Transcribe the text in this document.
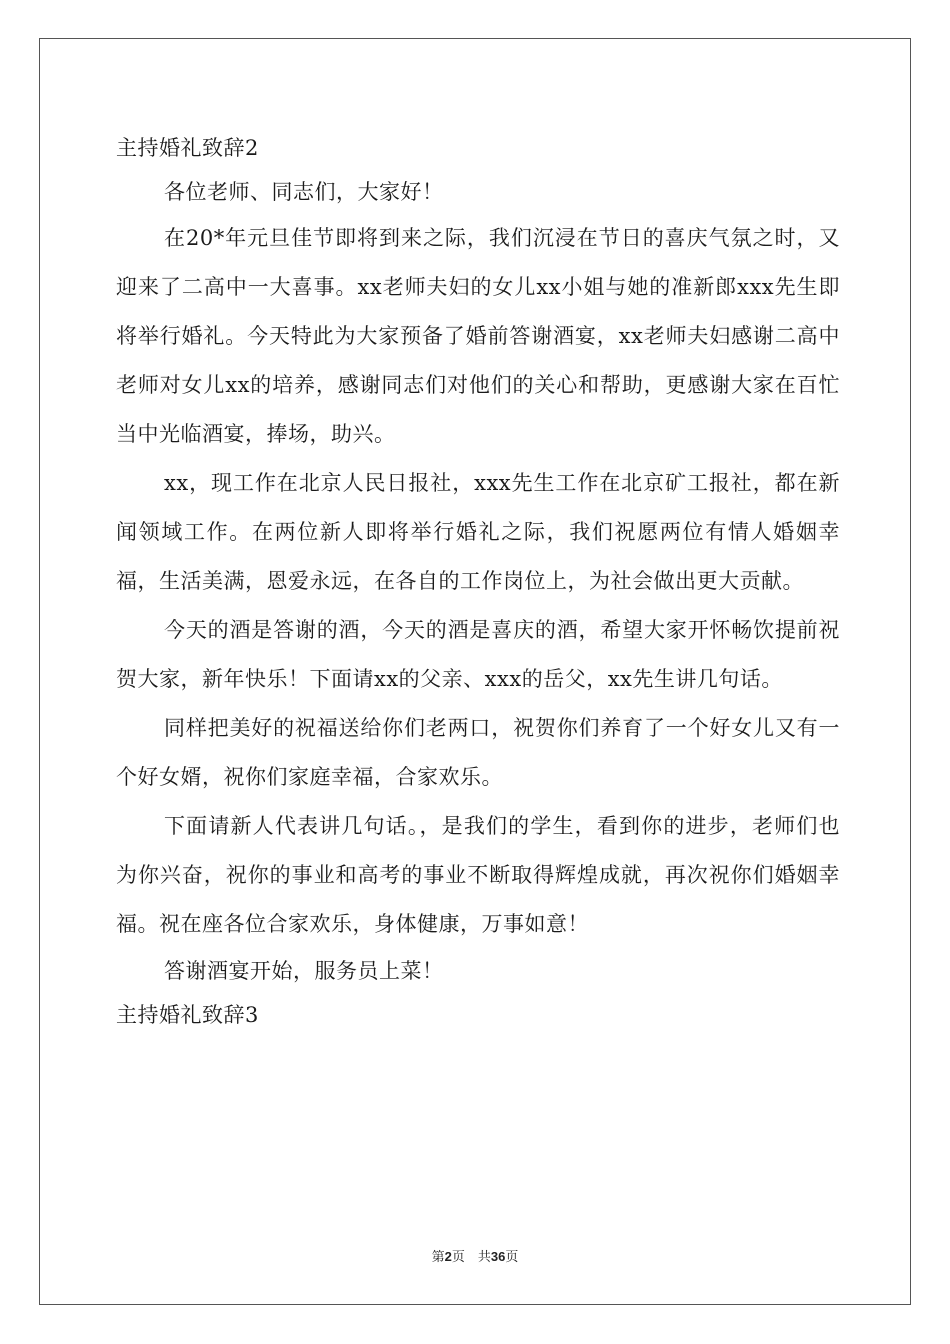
主持婚礼致辞2

各位老师、同志们，大家好！

在20*年元旦佳节即将到来之际，我们沉浸在节日的喜庆气氛之时，又迎来了二高中一大喜事。xx老师夫妇的女儿xx小姐与她的准新郎xxx先生即将举行婚礼。今天特此为大家预备了婚前答谢酒宴，xx老师夫妇感谢二高中老师对女儿xx的培养，感谢同志们对他们的关心和帮助，更感谢大家在百忙当中光临酒宴，捧场，助兴。

xx，现工作在北京人民日报社，xxx先生工作在北京矿工报社，都在新闻领域工作。在两位新人即将举行婚礼之际，我们祝愿两位有情人婚姻幸福，生活美满，恩爱永远，在各自的工作岗位上，为社会做出更大贡献。

今天的酒是答谢的酒，今天的酒是喜庆的酒，希望大家开怀畅饮提前祝贺大家，新年快乐！下面请xx的父亲、xxx的岳父，xx先生讲几句话。

同样把美好的祝福送给你们老两口，祝贺你们养育了一个好女儿又有一个好女婿，祝你们家庭幸福，合家欢乐。

下面请新人代表讲几句话。，是我们的学生，看到你的进步，老师们也为你兴奋，祝你的事业和高考的事业不断取得辉煌成就，再次祝你们婚姻幸福。祝在座各位合家欢乐，身体健康，万事如意！

答谢酒宴开始，服务员上菜！

主持婚礼致辞3

第2页　共36页
